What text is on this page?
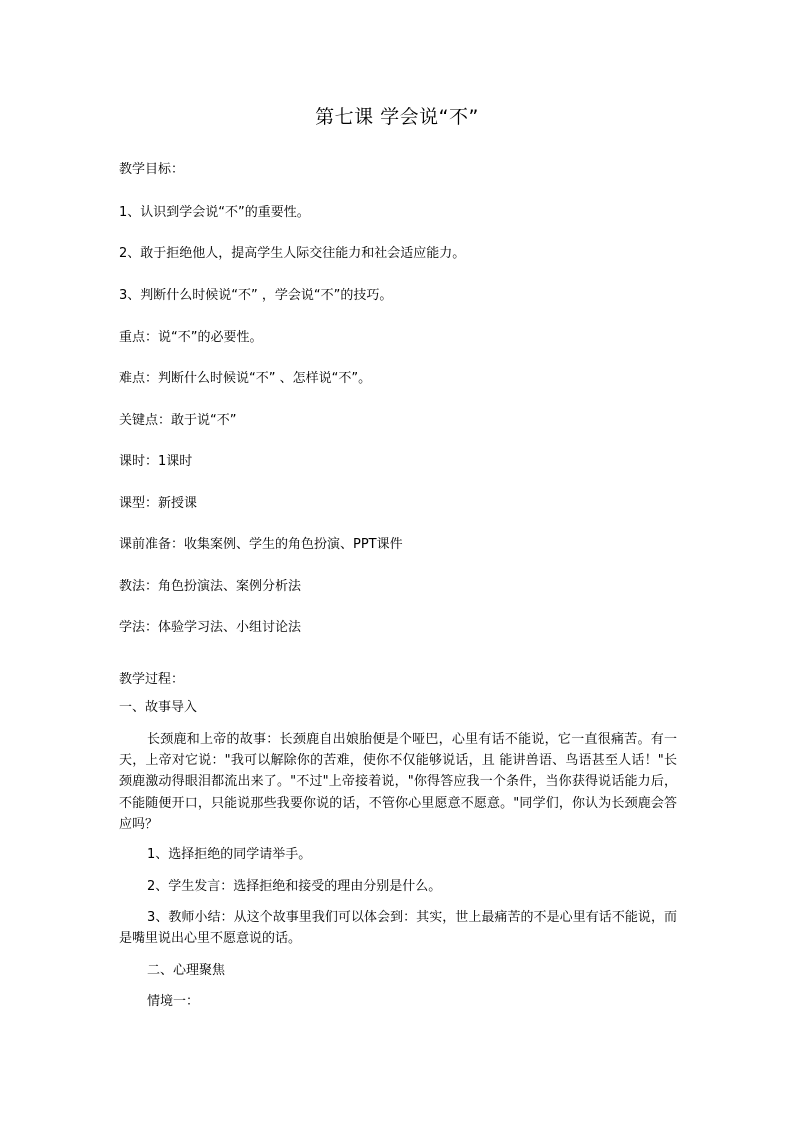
第七课 学会说“不”
教学目标：
1、认识到学会说“不”的重要性。
2、敢于拒绝他人，提高学生人际交往能力和社会适应能力。
3、判断什么时候说“不” ，学会说“不”的技巧。
重点：说“不”的必要性。
难点：判断什么时候说“不” 、怎样说“不”。
关键点：敢于说“不”
课时：1课时
课型：新授课
课前准备：收集案例、学生的角色扮演、PPT课件
教法：角色扮演法、案例分析法
学法：体验学习法、小组讨论法
教学过程：
一、故事导入
长颈鹿和上帝的故事：长颈鹿自出娘胎便是个哑巴，心里有话不能说，它一直很痛苦。有一天，上帝对它说："我可以解除你的苦难，使你不仅能够说话，且 能讲兽语、鸟语甚至人话！"长颈鹿激动得眼泪都流出来了。"不过"上帝接着说，"你得答应我一个条件，当你获得说话能力后，不能随便开口，只能说那些我要你说的话，不管你心里愿意不愿意。"同学们，你认为长颈鹿会答应吗？
1、选择拒绝的同学请举手。
2、学生发言：选择拒绝和接受的理由分别是什么。
3、教师小结：从这个故事里我们可以体会到：其实，世上最痛苦的不是心里有话不能说，而是嘴里说出心里不愿意说的话。
二、心理聚焦
情境一：
